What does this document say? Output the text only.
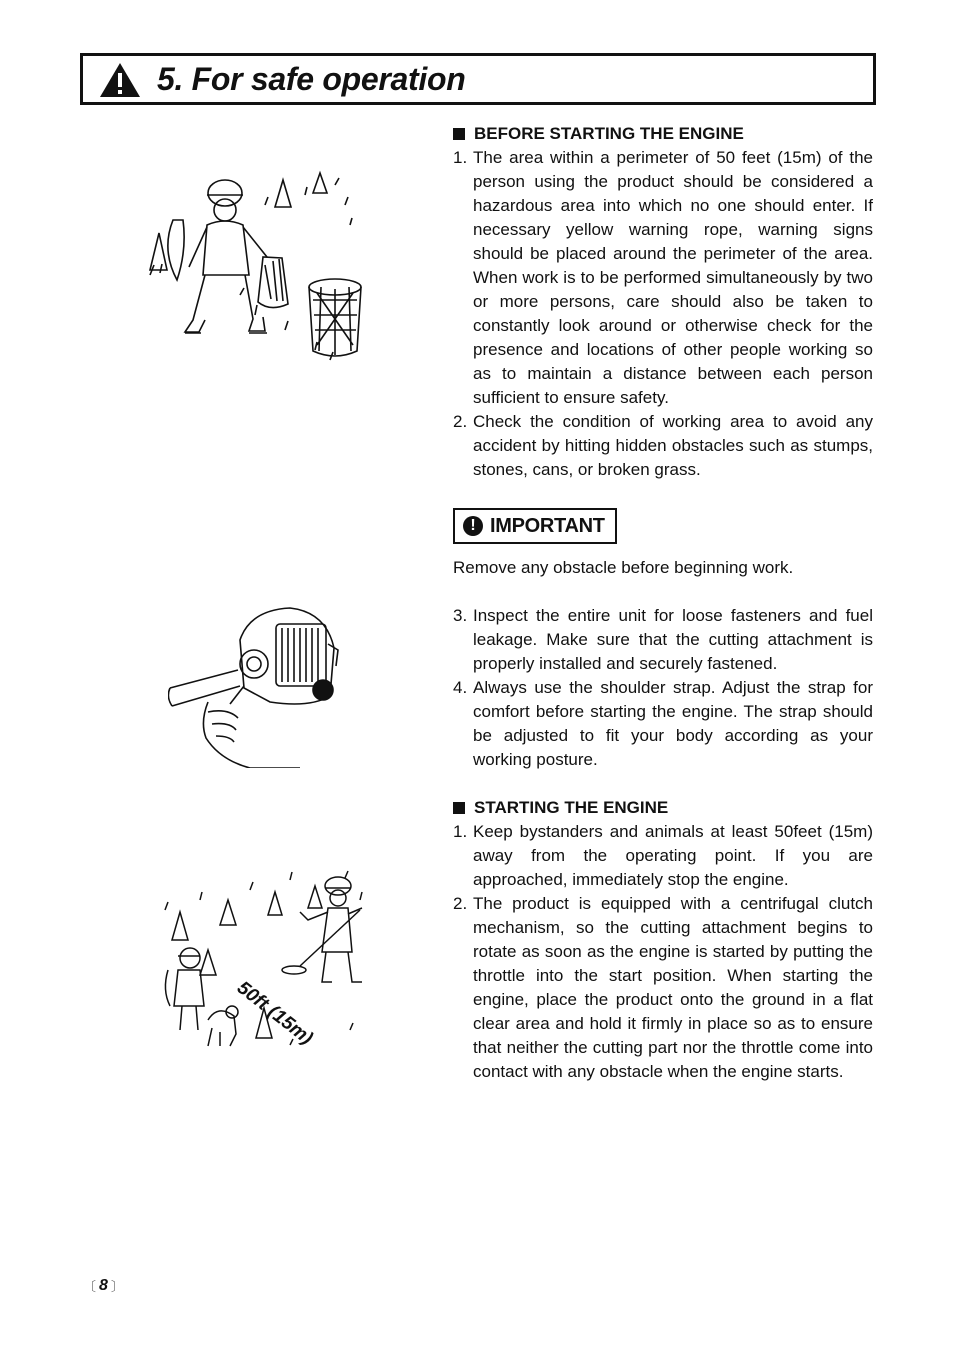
5. For safe operation
50ft (15m)
BEFORE STARTING THE ENGINE
1. The area within a perimeter of 50 feet (15m) of the person using the product should be considered a hazardous area into which no one should enter. If necessary yellow warning rope, warning signs should be placed around the perimeter of the area. When work is to be performed simultaneously by two or more persons, care should also be taken to constantly look around or otherwise check for the presence and locations of other people working so as to maintain a distance between each person sufficient to ensure safety.
2. Check the condition of working area to avoid any accident by hitting hidden obstacles such as stumps, stones, cans, or broken grass.
! IMPORTANT
Remove any obstacle before beginning work.
3. Inspect the entire unit for loose fasteners and fuel leakage. Make sure that the cutting attachment is properly installed and securely fastened.
4. Always use the shoulder strap. Adjust the strap for comfort before starting the engine. The strap should be adjusted to fit your body according as your working posture.
STARTING THE ENGINE
1. Keep bystanders and animals at least 50feet (15m) away from the operating point. If you are approached, immediately stop the engine.
2. The product is equipped with a centrifugal clutch mechanism, so the cutting attachment begins to rotate as soon as the engine is started by putting the throttle into the start position. When starting the engine, place the product onto the ground in a flat clear area and hold it firmly in place so as to ensure that neither the cutting part nor the throttle come into contact with any obstacle when the engine starts.
〔 8 〕
